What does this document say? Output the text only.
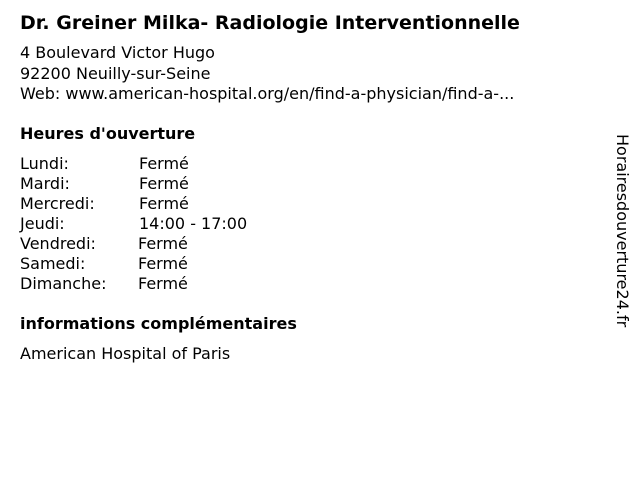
Dr. Greiner Milka- Radiologie Interventionnelle
4 Boulevard Victor Hugo
92200 Neuilly-sur-Seine
Web: www.american-hospital.org/en/find-a-physician/find-a-...
Heures d'ouverture
Lundi:	Fermé
Mardi:	Fermé
Mercredi:	Fermé
Jeudi:	14:00 - 17:00
Vendredi:	Fermé
Samedi:	Fermé
Dimanche: Fermé
informations complémentaires
American Hospital of Paris
Horairesdouverture24.fr
